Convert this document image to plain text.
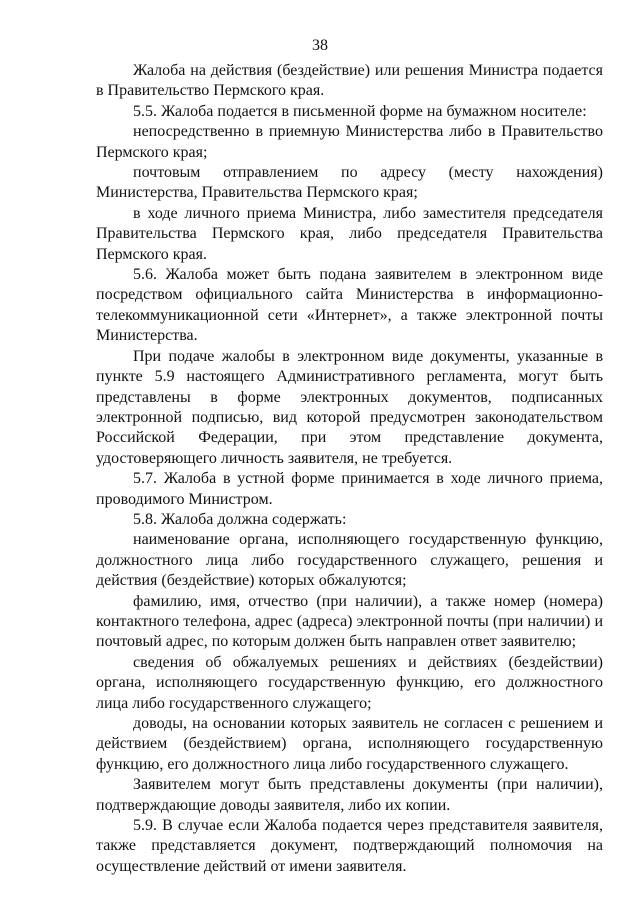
38

Жалоба на действия (бездействие) или решения Министра подается в Правительство Пермского края.

5.5. Жалоба подается в письменной форме на бумажном носителе:

непосредственно в приемную Министерства либо в Правительство Пермского края;

почтовым отправлением по адресу (месту нахождения) Министерства, Правительства Пермского края;

в ходе личного приема Министра, либо заместителя председателя Правительства Пермского края, либо председателя Правительства Пермского края.

5.6. Жалоба может быть подана заявителем в электронном виде посредством официального сайта Министерства в информационно-телекоммуникационной сети «Интернет», а также электронной почты Министерства.

При подаче жалобы в электронном виде документы, указанные в пункте 5.9 настоящего Административного регламента, могут быть представлены в форме электронных документов, подписанных электронной подписью, вид которой предусмотрен законодательством Российской Федерации, при этом представление документа, удостоверяющего личность заявителя, не требуется.

5.7. Жалоба в устной форме принимается в ходе личного приема, проводимого Министром.

5.8. Жалоба должна содержать:

наименование органа, исполняющего государственную функцию, должностного лица либо государственного служащего, решения и действия (бездействие) которых обжалуются;

фамилию, имя, отчество (при наличии), а также номер (номера) контактного телефона, адрес (адреса) электронной почты (при наличии) и почтовый адрес, по которым должен быть направлен ответ заявителю;

сведения об обжалуемых решениях и действиях (бездействии) органа, исполняющего государственную функцию, его должностного лица либо государственного служащего;

доводы, на основании которых заявитель не согласен с решением и действием (бездействием) органа, исполняющего государственную функцию, его должностного лица либо государственного служащего.

Заявителем могут быть представлены документы (при наличии), подтверждающие доводы заявителя, либо их копии.

5.9. В случае если Жалоба подается через представителя заявителя, также представляется документ, подтверждающий полномочия на осуществление действий от имени заявителя.
